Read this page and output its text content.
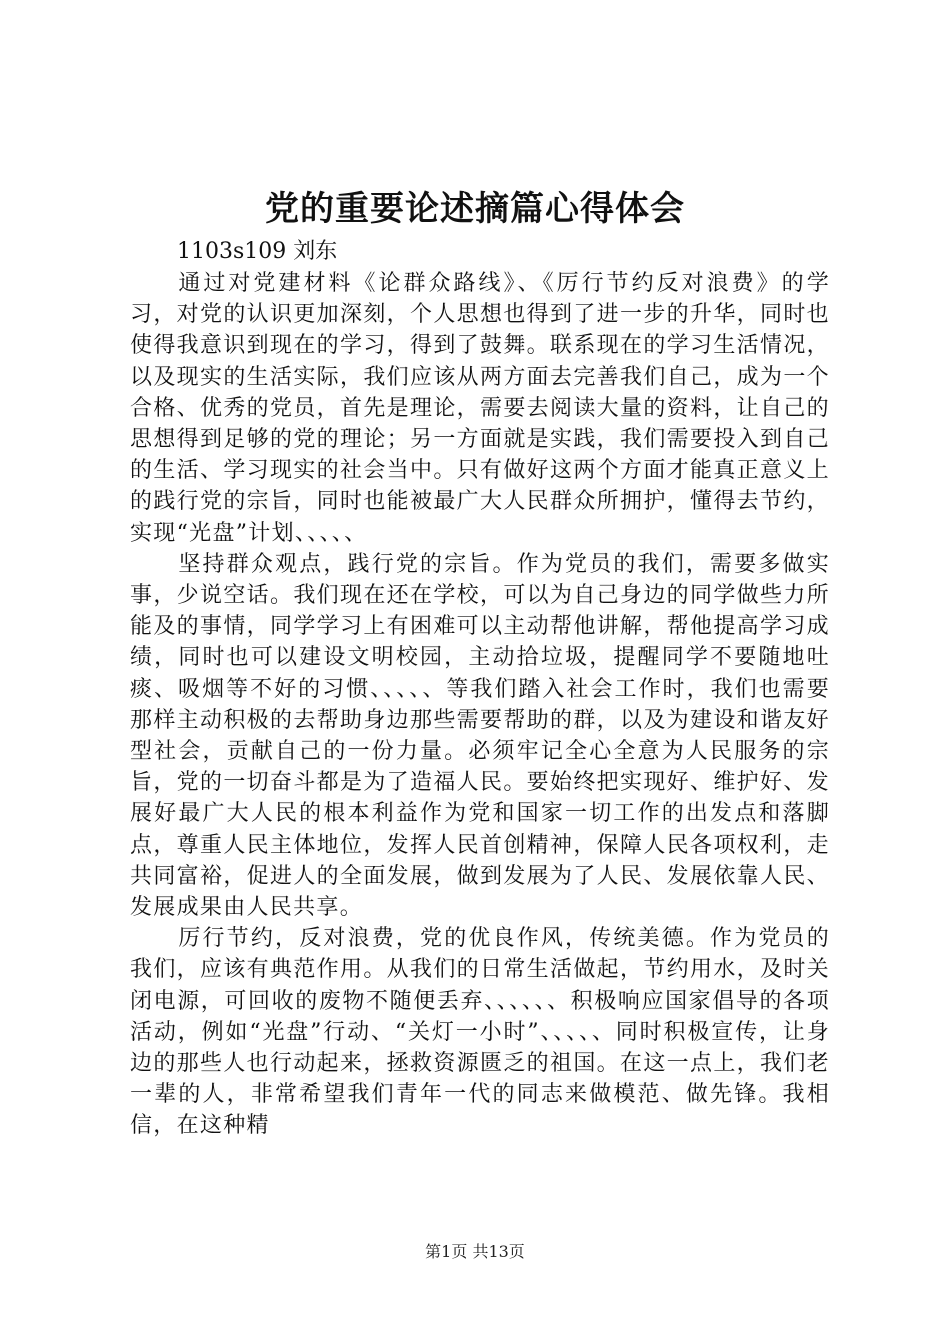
党的重要论述摘篇心得体会
1103s109 刘东

通过对党建材料《论群众路线》、《厉行节约反对浪费》的学习，对党的认识更加深刻，个人思想也得到了进一步的升华，同时也使得我意识到现在的学习，得到了鼓舞。联系现在的学习生活情况，以及现实的生活实际，我们应该从两方面去完善我们自己，成为一个合格、优秀的党员，首先是理论，需要去阅读大量的资料，让自己的思想得到足够的党的理论；另一方面就是实践，我们需要投入到自己的生活、学习现实的社会当中。只有做好这两个方面才能真正意义上的践行党的宗旨，同时也能被最广大人民群众所拥护，懂得去节约，实现“光盘”计划、、、、、

坚持群众观点，践行党的宗旨。作为党员的我们，需要多做实事，少说空话。我们现在还在学校，可以为自己身边的同学做些力所能及的事情，同学学习上有困难可以主动帮他讲解，帮他提高学习成绩，同时也可以建设文明校园，主动拾垃圾，提醒同学不要随地吐痰、吸烟等不好的习惯、、、、、等我们踏入社会工作时，我们也需要那样主动积极的去帮助身边那些需要帮助的群，以及为建设和谐友好型社会，贡献自己的一份力量。必须牢记全心全意为人民服务的宗旨，党的一切奋斗都是为了造福人民。要始终把实现好、维护好、发展好最广大人民的根本利益作为党和国家一切工作的出发点和落脚点，尊重人民主体地位，发挥人民首创精神，保障人民各项权利，走共同富裕，促进人的全面发展，做到发展为了人民、发展依靠人民、发展成果由人民共享。

厉行节约，反对浪费，党的优良作风，传统美德。作为党员的我们，应该有典范作用。从我们的日常生活做起，节约用水，及时关闭电源，可回收的废物不随便丢弃、、、、、、积极响应国家倡导的各项活动，例如“光盘”行动、“关灯一小时”、、、、、同时积极宣传，让身边的那些人也行动起来，拯救资源匮乏的祖国。在这一点上，我们老一辈的人，非常希望我们青年一代的同志来做模范、做先锋。我相信，在这种精

第1页 共13页
